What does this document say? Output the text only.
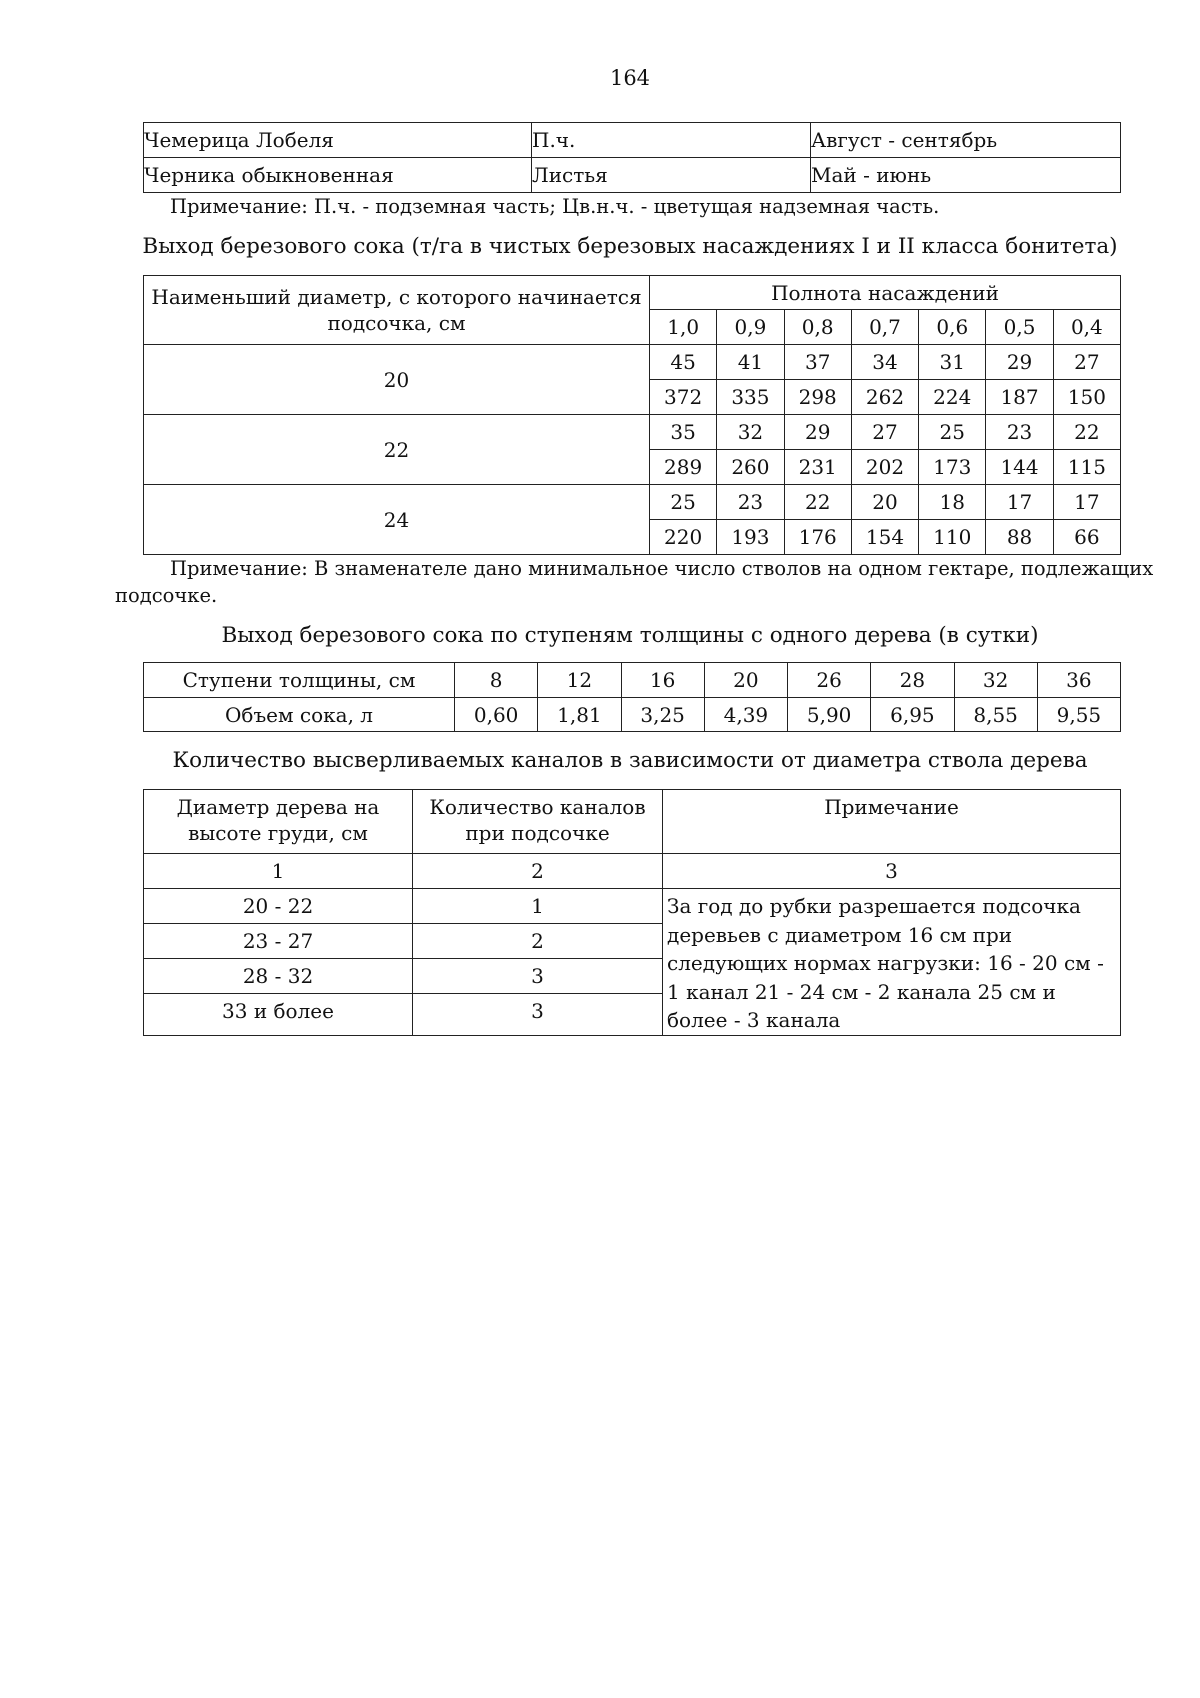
164
Чемерица Лобеля	П.ч.	Август - сентябрь
Черника обыкновенная	Листья	Май - июнь
Примечание: П.ч. - подземная часть; Цв.н.ч. - цветущая надземная часть.
Выход березового сока (т/га в чистых березовых насаждениях I и II класса бонитета)
Наименьший диаметр, с которого начинается подсочка, см	Полнота насаждений						
	1,0	0,9	0,8	0,7	0,6	0,5	0,4
20	45	41	37	34	31	29	27
	372	335	298	262	224	187	150
22	35	32	29	27	25	23	22
	289	260	231	202	173	144	115
24	25	23	22	20	18	17	17
	220	193	176	154	110	88	66
Примечание: В знаменателе дано минимальное число стволов на одном гектаре, подлежащих
подсочке.
Выход березового сока по ступеням толщины с одного дерева (в сутки)
Ступени толщины, см	8	12	16	20	26	28	32	36
Объем сока, л	0,60	1,81	3,25	4,39	5,90	6,95	8,55	9,55
Количество высверливаемых каналов в зависимости от диаметра ствола дерева
Диаметр дерева на высоте груди, см	Количество каналов при подсочке	Примечание
1	2	3
20 - 22	1	За год до рубки разрешается подсочка деревьев с диаметром 16 см при следующих нормах нагрузки: 16 - 20 см - 1 канал 21 - 24 см - 2 канала 25 см и более - 3 канала
23 - 27	2	
28 - 32	3	
33 и более	3	
